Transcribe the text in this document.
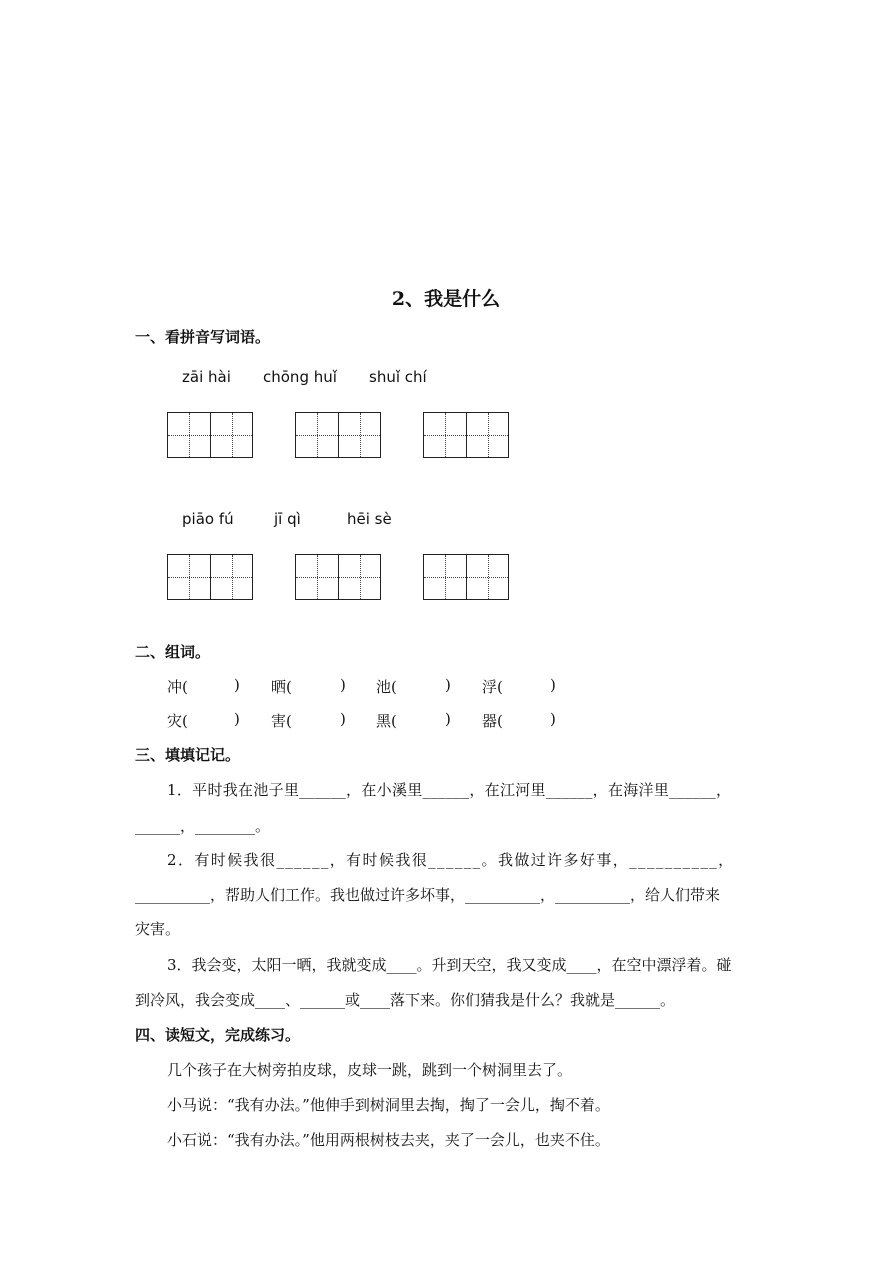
2、我是什么
一、看拼音写词语。
zāi hài chōng huǐ shuǐ chí
piāo fú	jī qì	hēi sè
二、组词。
冲(	) 晒(	) 池(	) 浮(	)
灾(	) 害(	) 黑(	) 器(	)
三、填填记记。
1．平时我在池子里______，在小溪里______，在江河里______，在海洋里______，
______，________。
2．有时候我很______，有时候我很______。我做过许多好事，__________，
__________，帮助人们工作。我也做过许多坏事，__________，__________，给人们带来
灾害。
3．我会变，太阳一晒，我就变成____。升到天空，我又变成____，在空中漂浮着。碰
到冷风，我会变成____、______或____落下来。你们猜我是什么？我就是______。
四、读短文，完成练习。
几个孩子在大树旁拍皮球，皮球一跳，跳到一个树洞里去了。
小马说：“我有办法。”他伸手到树洞里去掏，掏了一会儿，掏不着。
小石说：“我有办法。”他用两根树枝去夹，夹了一会儿，也夹不住。
